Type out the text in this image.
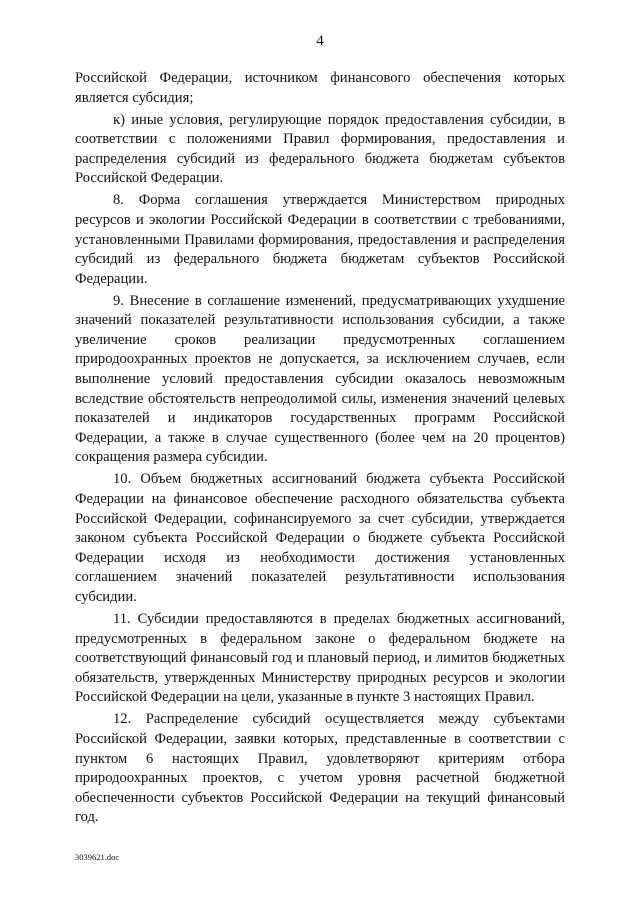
4

Российской Федерации, источником финансового обеспечения которых является субсидия;

к) иные условия, регулирующие порядок предоставления субсидии, в соответствии с положениями Правил формирования, предоставления и распределения субсидий из федерального бюджета бюджетам субъектов Российской Федерации.

8. Форма соглашения утверждается Министерством природных ресурсов и экологии Российской Федерации в соответствии с требованиями, установленными Правилами формирования, предоставления и распределения субсидий из федерального бюджета бюджетам субъектов Российской Федерации.

9. Внесение в соглашение изменений, предусматривающих ухудшение значений показателей результативности использования субсидии, а также увеличение сроков реализации предусмотренных соглашением природоохранных проектов не допускается, за исключением случаев, если выполнение условий предоставления субсидии оказалось невозможным вследствие обстоятельств непреодолимой силы, изменения значений целевых показателей и индикаторов государственных программ Российской Федерации, а также в случае существенного (более чем на 20 процентов) сокращения размера субсидии.

10. Объем бюджетных ассигнований бюджета субъекта Российской Федерации на финансовое обеспечение расходного обязательства субъекта Российской Федерации, софинансируемого за счет субсидии, утверждается законом субъекта Российской Федерации о бюджете субъекта Российской Федерации исходя из необходимости достижения установленных соглашением значений показателей результативности использования субсидии.

11. Субсидии предоставляются в пределах бюджетных ассигнований, предусмотренных в федеральном законе о федеральном бюджете на соответствующий финансовый год и плановый период, и лимитов бюджетных обязательств, утвержденных Министерству природных ресурсов и экологии Российской Федерации на цели, указанные в пункте 3 настоящих Правил.

12. Распределение субсидий осуществляется между субъектами Российской Федерации, заявки которых, представленные в соответствии с пунктом 6 настоящих Правил, удовлетворяют критериям отбора природоохранных проектов, с учетом уровня расчетной бюджетной обеспеченности субъектов Российской Федерации на текущий финансовый год.

3039621.doc
